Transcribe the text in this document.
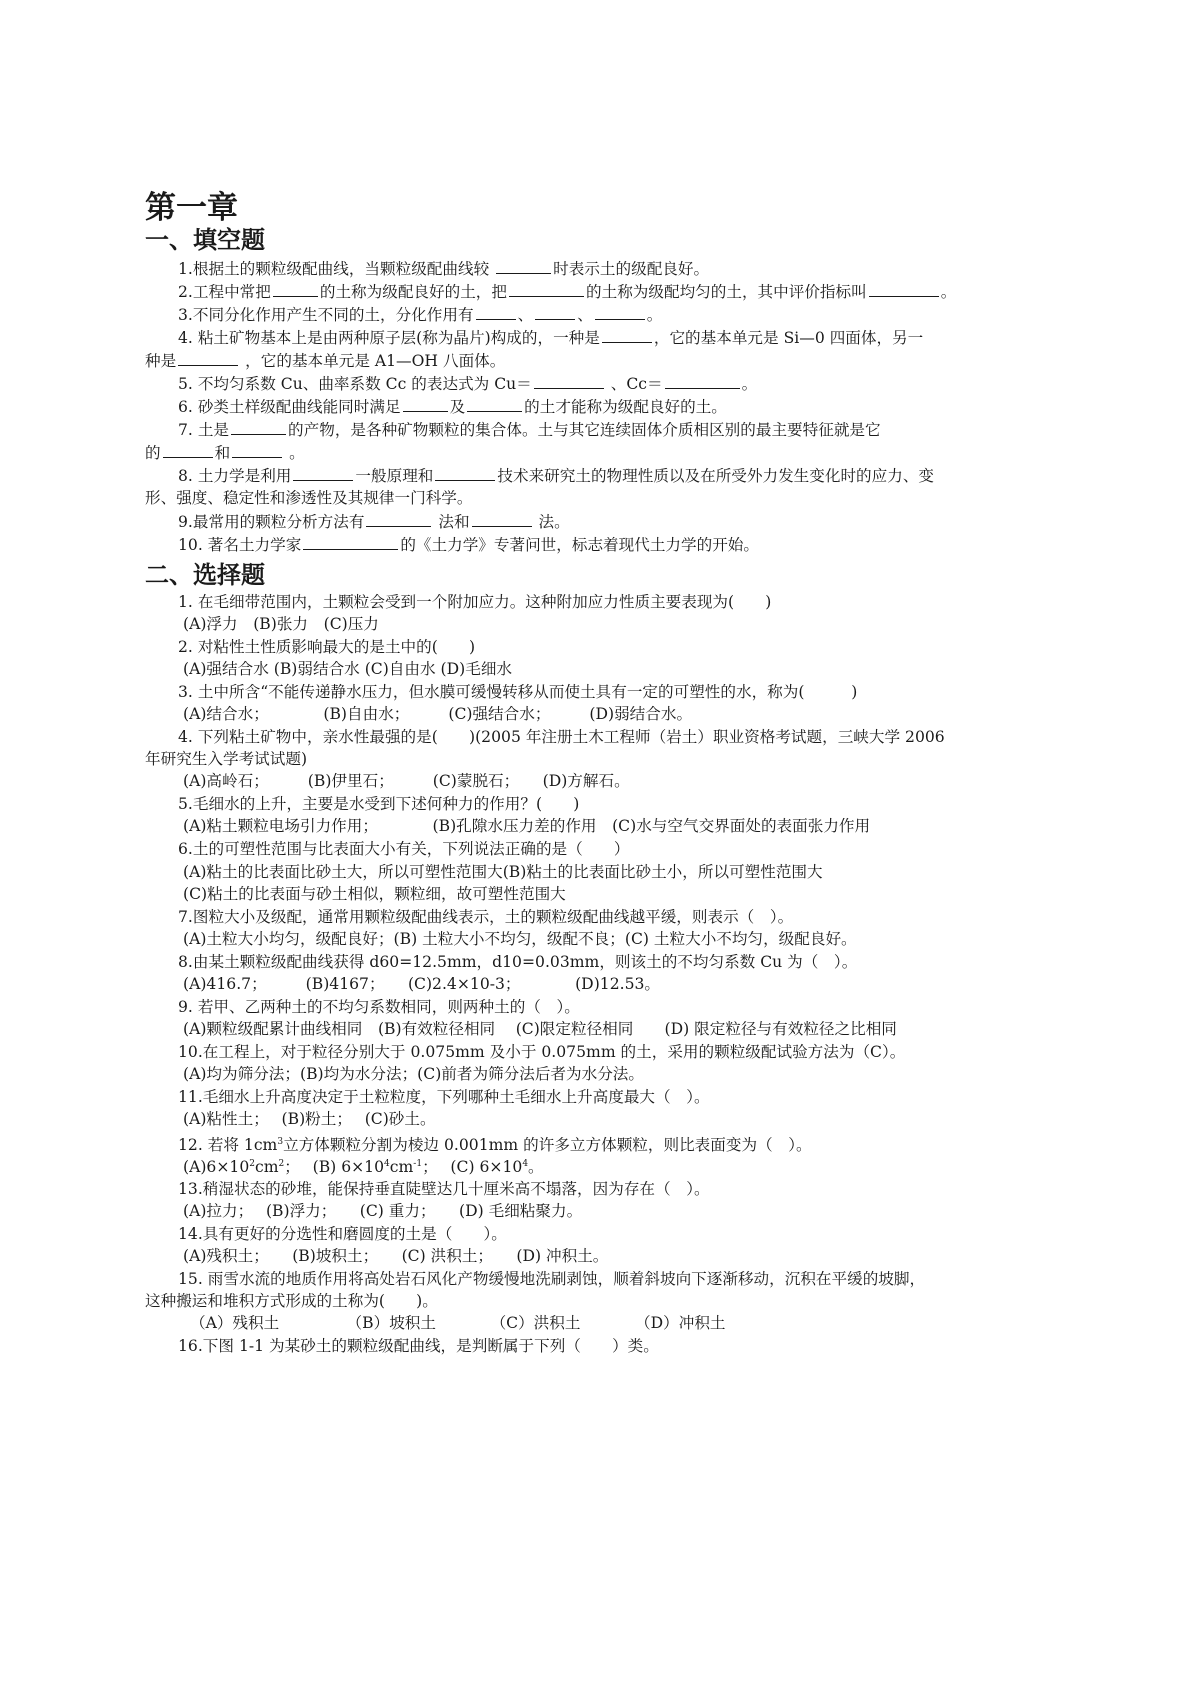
第一章
一、填空题
1.根据土的颗粒级配曲线，当颗粒级配曲线较	时表示土的级配良好。
2.工程中常把	的土称为级配良好的土，把	的土称为级配均匀的土，其中评价指标叫	。
3.不同分化作用产生不同的土，分化作用有	、	、	。
4. 粘土矿物基本上是由两种原子层(称为晶片)构成的，一种是	，它的基本单元是 Si—0 四面体，另一
种是	，它的基本单元是 A1—OH 八面体。
5. 不均匀系数 Cu、曲率系数 Cc 的表达式为 Cu＝	、Cc＝	。
6. 砂类土样级配曲线能同时满足	及	的土才能称为级配良好的土。
7. 土是	的产物，是各种矿物颗粒的集合体。土与其它连续固体介质相区别的最主要特征就是它
的	和	。
8. 土力学是利用	一般原理和	技术来研究土的物理性质以及在所受外力发生变化时的应力、变
形、强度、稳定性和渗透性及其规律一门科学。
9.最常用的颗粒分析方法有	法和	法。
10. 著名土力学家	的《土力学》专著问世，标志着现代土力学的开始。
二、选择题
1. 在毛细带范围内，土颗粒会受到一个附加应力。这种附加应力性质主要表现为(　　)
(A)浮力　(B)张力　(C)压力
2. 对粘性土性质影响最大的是土中的(　　)
(A)强结合水 (B)弱结合水 (C)自由水 (D)毛细水
3. 土中所含“不能传递静水压力，但水膜可缓慢转移从而使土具有一定的可塑性的水，称为(　　　)
(A)结合水；　　　　(B)自由水；　　　(C)强结合水；　　　(D)弱结合水。
4. 下列粘土矿物中，亲水性最强的是(　　)(2005 年注册土木工程师（岩土）职业资格考试题，三峡大学 2006
年研究生入学考试试题)
(A)高岭石；　　　(B)伊里石；　　　(C)蒙脱石；　　(D)方解石。
5.毛细水的上升，主要是水受到下述何种力的作用？(　　)
(A)粘土颗粒电场引力作用；　　　　(B)孔隙水压力差的作用　(C)水与空气交界面处的表面张力作用
6.土的可塑性范围与比表面大小有关，下列说法正确的是（　　）
(A)粘土的比表面比砂土大，所以可塑性范围大(B)粘土的比表面比砂土小，所以可塑性范围大
(C)粘土的比表面与砂土相似，颗粒细，故可塑性范围大
7.图粒大小及级配，通常用颗粒级配曲线表示，土的颗粒级配曲线越平缓，则表示（　）。
(A)土粒大小均匀，级配良好；(B) 土粒大小不均匀，级配不良；(C) 土粒大小不均匀，级配良好。
8.由某土颗粒级配曲线获得 d60=12.5mm，d10=0.03mm，则该土的不均匀系数 Cu 为（　）。
(A)416.7；　　　(B)4167；　　(C)2.4×10-3；　　　　(D)12.53。
9. 若甲、乙两种土的不均匀系数相同，则两种土的（　）。
(A)颗粒级配累计曲线相同　(B)有效粒径相同　 (C)限定粒径相同　　(D) 限定粒径与有效粒径之比相同
10.在工程上，对于粒径分别大于 0.075mm 及小于 0.075mm 的土，采用的颗粒级配试验方法为（C）。
(A)均为筛分法；(B)均为水分法；(C)前者为筛分法后者为水分法。
11.毛细水上升高度决定于土粒粒度，下列哪种土毛细水上升高度最大（　）。
(A)粘性土；　 (B)粉土；　 (C)砂土。
12. 若将 $1cm^3$立方体颗粒分割为棱边 0.001mm 的许多立方体颗粒，则比表面变为（　）。
$(A)6\times 10^2cm^2$；　 (B) $6\times 10^4cm^{-1}$；　 (C) $6\times 10^4$。
13.稍湿状态的砂堆，能保持垂直陡壁达几十厘米高不塌落，因为存在（　）。
(A)拉力；　 (B)浮力；　　(C) 重力；　　(D) 毛细粘聚力。
14.具有更好的分选性和磨圆度的土是（　　）。
(A)残积土；　　(B)坡积土；　　(C) 洪积土；　　(D) 冲积土。
15. 雨雪水流的地质作用将高处岩石风化产物缓慢地洗刷剥蚀，顺着斜坡向下逐渐移动，沉积在平缓的坡脚，
这种搬运和堆积方式形成的土称为(　　)。
（A）残积土　　　　 （B）坡积土　　　　（C）洪积土　　　　（D）冲积土
16.下图 1-1 为某砂土的颗粒级配曲线，是判断属于下列（　　）类。
